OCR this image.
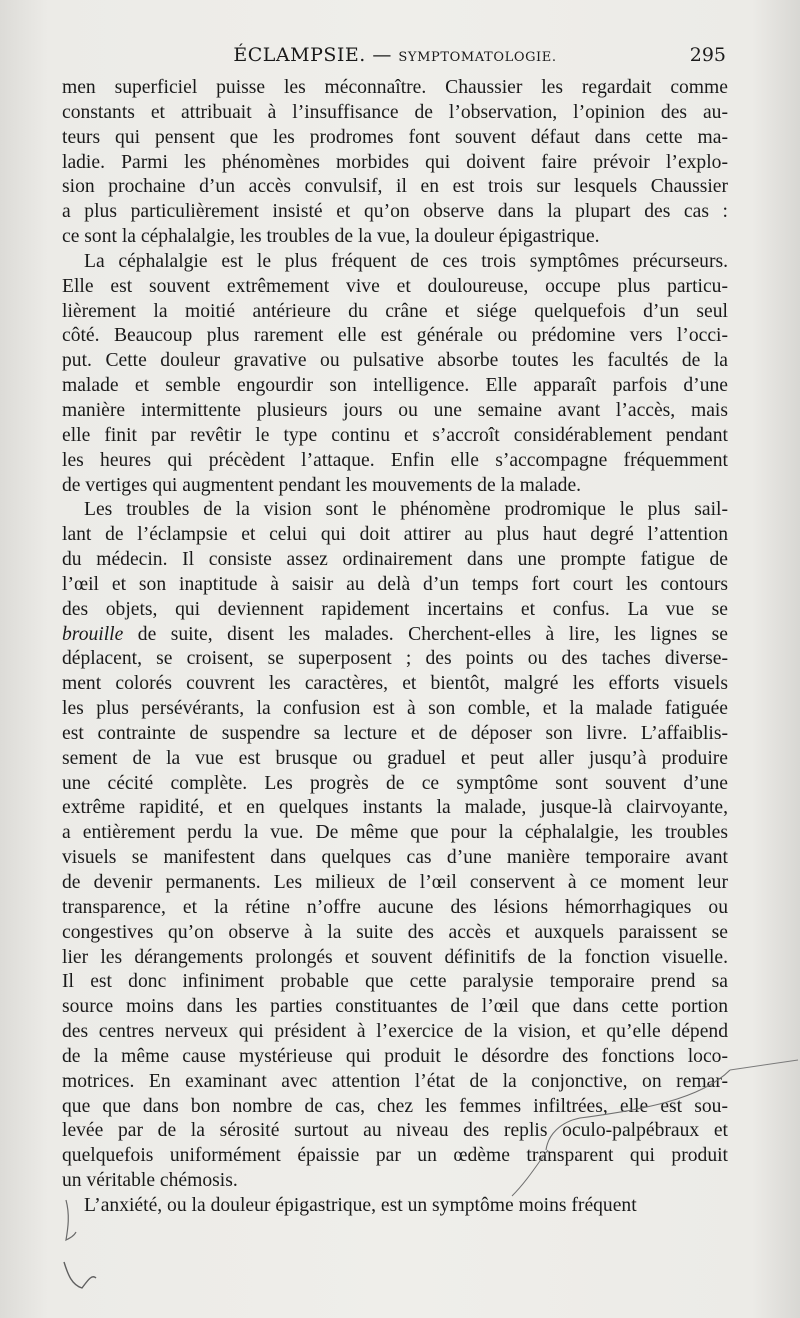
ÉCLAMPSIE. — SYMPTOMATOLOGIE.	295
men superficiel puisse les méconnaître. Chaussier les regardait comme
constants et attribuait à l’insuffisance de l’observation, l’opinion des au-
teurs qui pensent que les prodromes font souvent défaut dans cette ma-
ladie. Parmi les phénomènes morbides qui doivent faire prévoir l’explo-
sion prochaine d’un accès convulsif, il en est trois sur lesquels Chaussier
a plus particulièrement insisté et qu’on observe dans la plupart des cas :
ce sont la céphalalgie, les troubles de la vue, la douleur épigastrique.
La céphalalgie est le plus fréquent de ces trois symptômes précurseurs.
Elle est souvent extrêmement vive et douloureuse, occupe plus particu-
lièrement la moitié antérieure du crâne et siége quelquefois d’un seul
côté. Beaucoup plus rarement elle est générale ou prédomine vers l’occi-
put. Cette douleur gravative ou pulsative absorbe toutes les facultés de la
malade et semble engourdir son intelligence. Elle apparaît parfois d’une
manière intermittente plusieurs jours ou une semaine avant l’accès, mais
elle finit par revêtir le type continu et s’accroît considérablement pendant
les heures qui précèdent l’attaque. Enfin elle s’accompagne fréquemment
de vertiges qui augmentent pendant les mouvements de la malade.
Les troubles de la vision sont le phénomène prodromique le plus sail-
lant de l’éclampsie et celui qui doit attirer au plus haut degré l’attention
du médecin. Il consiste assez ordinairement dans une prompte fatigue de
l’œil et son inaptitude à saisir au delà d’un temps fort court les contours
des objets, qui deviennent rapidement incertains et confus. La vue se
brouille de suite, disent les malades. Cherchent-elles à lire, les lignes se
déplacent, se croisent, se superposent ; des points ou des taches diverse-
ment colorés couvrent les caractères, et bientôt, malgré les efforts visuels
les plus persévérants, la confusion est à son comble, et la malade fatiguée
est contrainte de suspendre sa lecture et de déposer son livre. L’affaiblis-
sement de la vue est brusque ou graduel et peut aller jusqu’à produire
une cécité complète. Les progrès de ce symptôme sont souvent d’une
extrême rapidité, et en quelques instants la malade, jusque-là clairvoyante,
a entièrement perdu la vue. De même que pour la céphalalgie, les troubles
visuels se manifestent dans quelques cas d’une manière temporaire avant
de devenir permanents. Les milieux de l’œil conservent à ce moment leur
transparence, et la rétine n’offre aucune des lésions hémorrhagiques ou
congestives qu’on observe à la suite des accès et auxquels paraissent se
lier les dérangements prolongés et souvent définitifs de la fonction visuelle.
Il est donc infiniment probable que cette paralysie temporaire prend sa
source moins dans les parties constituantes de l’œil que dans cette portion
des centres nerveux qui président à l’exercice de la vision, et qu’elle dépend
de la même cause mystérieuse qui produit le désordre des fonctions loco-
motrices. En examinant avec attention l’état de la conjonctive, on remar-
que que dans bon nombre de cas, chez les femmes infiltrées, elle est sou-
levée par de la sérosité surtout au niveau des replis oculo-palpébraux et
quelquefois uniformément épaissie par un œdème transparent qui produit
un véritable chémosis.
L’anxiété, ou la douleur épigastrique, est un symptôme moins fréquent
